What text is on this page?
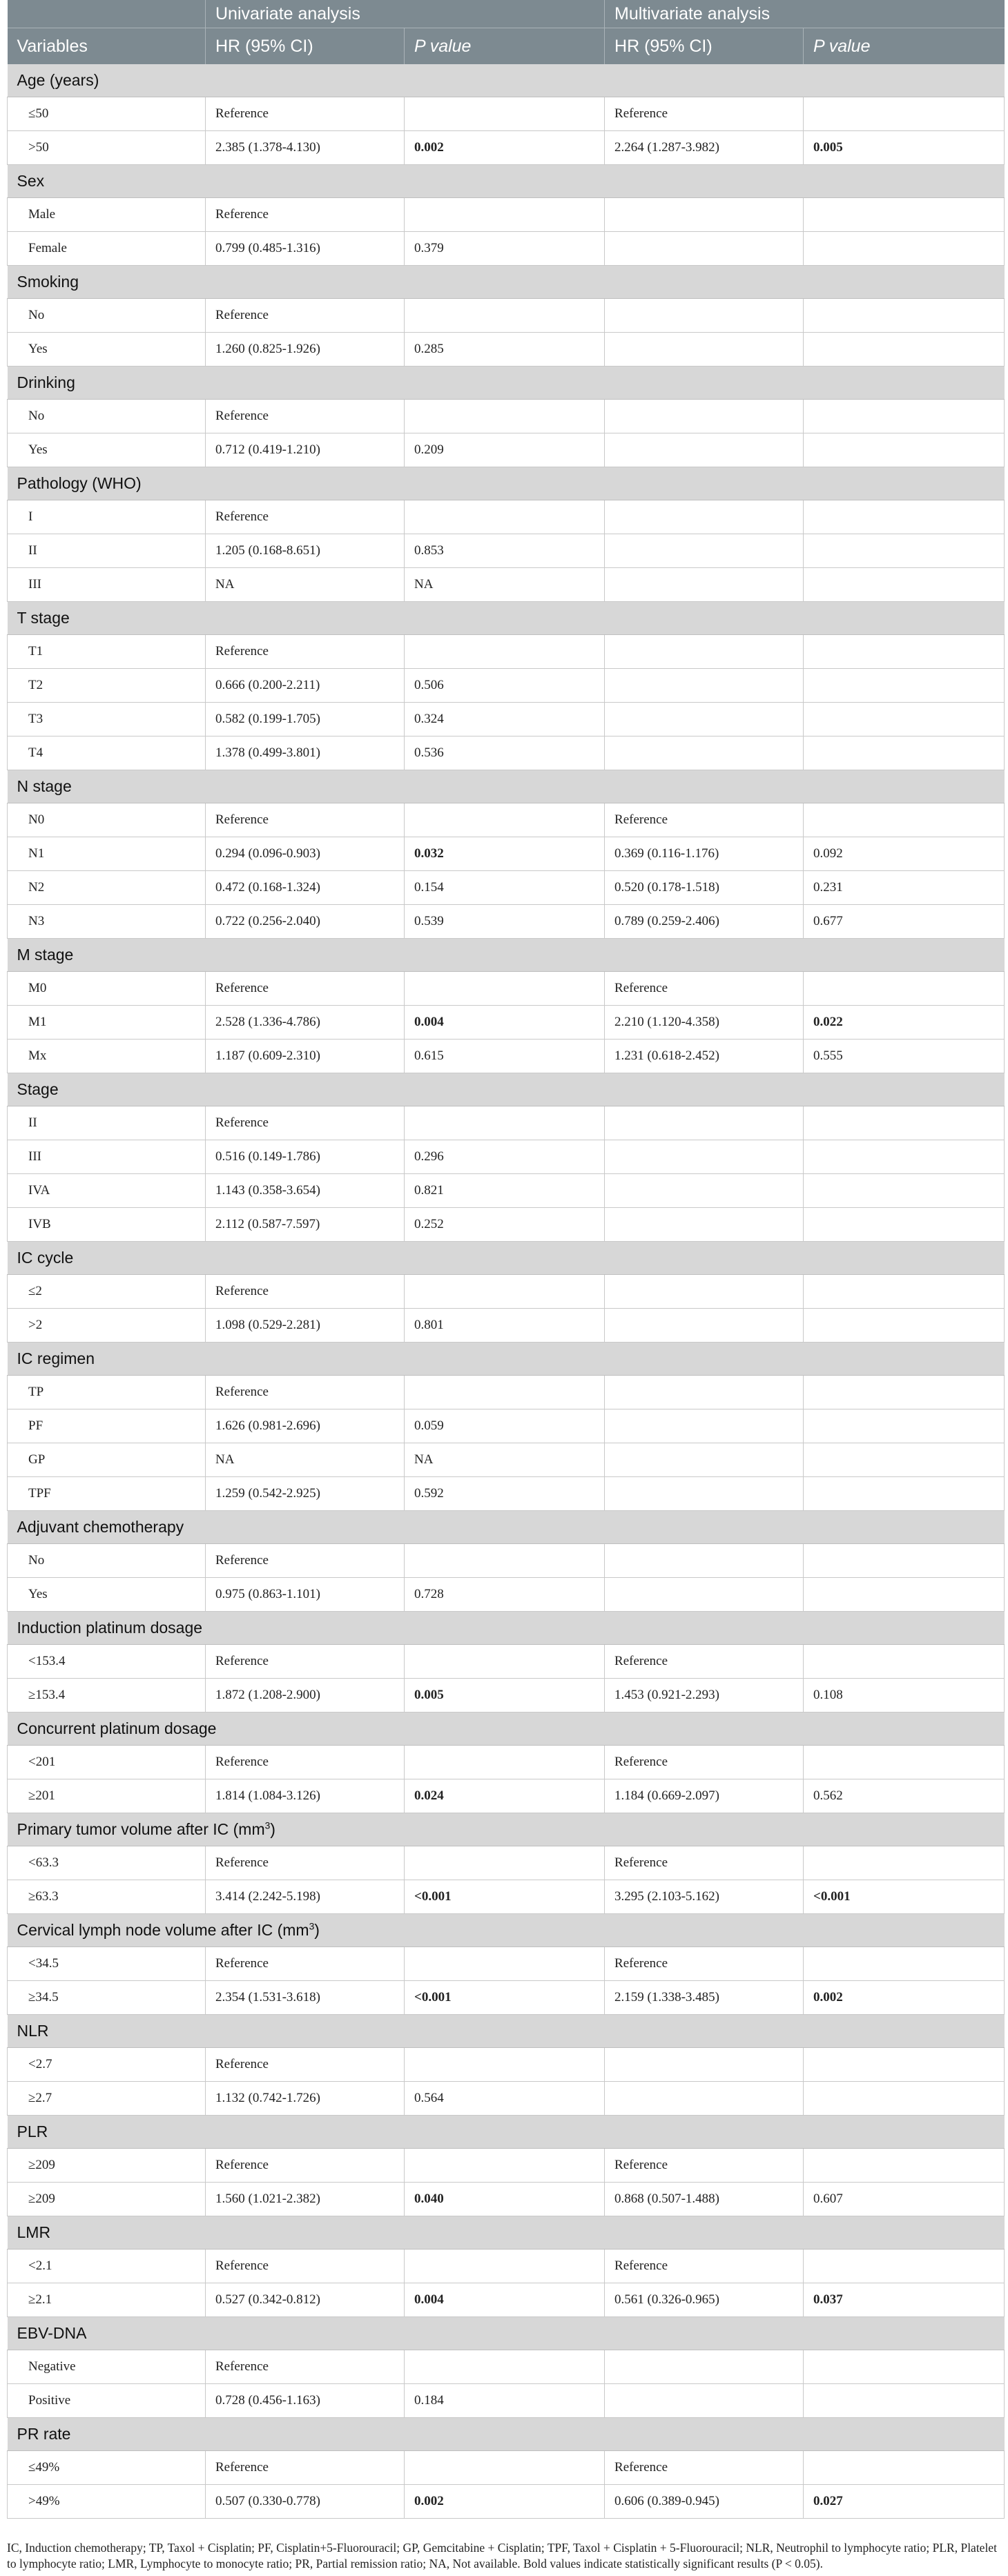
	Univariate analysis		Multivariate analysis	
Variables	HR (95% CI)	P value	HR (95% CI)	P value
Age (years)				
≤50	Reference		Reference	
>50	2.385 (1.378-4.130)	0.002	2.264 (1.287-3.982)	0.005
Sex				
Male	Reference			
Female	0.799 (0.485-1.316)	0.379		
Smoking				
No	Reference			
Yes	1.260 (0.825-1.926)	0.285		
Drinking				
No	Reference			
Yes	0.712 (0.419-1.210)	0.209		
Pathology (WHO)				
I	Reference			
II	1.205 (0.168-8.651)	0.853		
III	NA	NA		
T stage				
T1	Reference			
T2	0.666 (0.200-2.211)	0.506		
T3	0.582 (0.199-1.705)	0.324		
T4	1.378 (0.499-3.801)	0.536		
N stage				
N0	Reference		Reference	
N1	0.294 (0.096-0.903)	0.032	0.369 (0.116-1.176)	0.092
N2	0.472 (0.168-1.324)	0.154	0.520 (0.178-1.518)	0.231
N3	0.722 (0.256-2.040)	0.539	0.789 (0.259-2.406)	0.677
M stage				
M0	Reference		Reference	
M1	2.528 (1.336-4.786)	0.004	2.210 (1.120-4.358)	0.022
Mx	1.187 (0.609-2.310)	0.615	1.231 (0.618-2.452)	0.555
Stage				
II	Reference			
III	0.516 (0.149-1.786)	0.296		
IVA	1.143 (0.358-3.654)	0.821		
IVB	2.112 (0.587-7.597)	0.252		
IC cycle				
≤2	Reference			
>2	1.098 (0.529-2.281)	0.801		
IC regimen				
TP	Reference			
PF	1.626 (0.981-2.696)	0.059		
GP	NA	NA		
TPF	1.259 (0.542-2.925)	0.592		
Adjuvant chemotherapy				
No	Reference			
Yes	0.975 (0.863-1.101)	0.728		
Induction platinum dosage				
<153.4	Reference		Reference	
≥153.4	1.872 (1.208-2.900)	0.005	1.453 (0.921-2.293)	0.108
Concurrent platinum dosage				
<201	Reference		Reference	
≥201	1.814 (1.084-3.126)	0.024	1.184 (0.669-2.097)	0.562
Primary tumor volume after IC $(mm^3)$				
<63.3	Reference		Reference	
≥63.3	3.414 (2.242-5.198)	<0.001	3.295 (2.103-5.162)	<0.001
Cervical lymph node volume after IC $(mm^3)$				
<34.5	Reference		Reference	
≥34.5	2.354 (1.531-3.618)	<0.001	2.159 (1.338-3.485)	0.002
NLR				
<2.7	Reference			
≥2.7	1.132 (0.742-1.726)	0.564		
PLR				
≥209	Reference		Reference	
≥209	1.560 (1.021-2.382)	0.040	0.868 (0.507-1.488)	0.607
LMR				
<2.1	Reference		Reference	
≥2.1	0.527 (0.342-0.812)	0.004	0.561 (0.326-0.965)	0.037
EBV-DNA				
Negative	Reference			
Positive	0.728 (0.456-1.163)	0.184		
PR rate				
≤49%	Reference		Reference	
>49%	0.507 (0.330-0.778)	0.002	0.606 (0.389-0.945)	0.027
IC, Induction chemotherapy; TP, Taxol + Cisplatin; PF, Cisplatin+5-Fluorouracil; GP, Gemcitabine + Cisplatin; TPF, Taxol + Cisplatin + 5-Fluorouracil; NLR, Neutrophil to lymphocyte ratio; PLR, Platelet to lymphocyte ratio; LMR, Lymphocyte to monocyte ratio; PR, Partial remission ratio; NA, Not available. Bold values indicate statistically significant results (P < 0.05).
